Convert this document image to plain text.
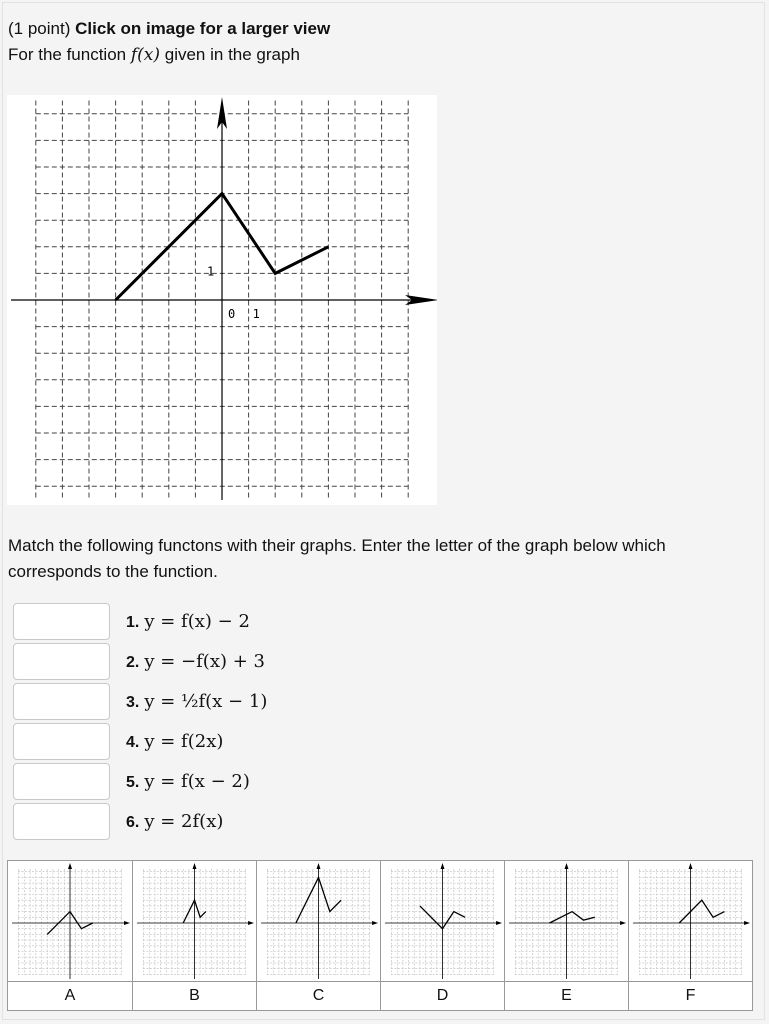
(1 point) Click on image for a larger view
For the function f(x) given in the graph
0 1
1
Match the following functons with their graphs. Enter the letter of the graph below which corresponds to the function.
1. y = f(x) − 2
2. y = −f(x) + 3
3. y = ½f(x − 1)
4. y = f(2x)
5. y = f(x − 2)
6. y = 2f(x)
A	B	C	D	E	F
